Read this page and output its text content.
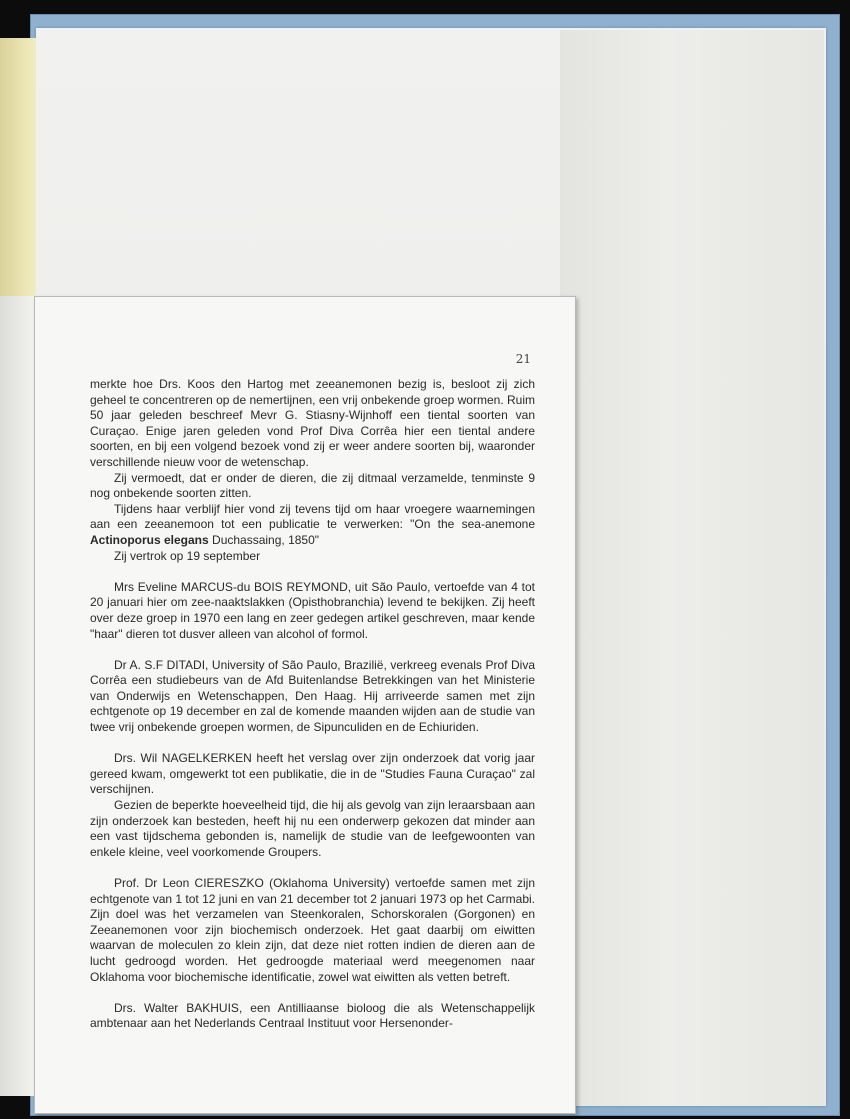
21

merkte hoe Drs. Koos den Hartog met zeeanemonen bezig is, besloot zij zich geheel te concentreren op de nemertijnen, een vrij onbekende groep wormen. Ruim 50 jaar geleden beschreef Mevr G. Stiasny-Wijnhoff een tiental soorten van Curaçao. Enige jaren geleden vond Prof Diva Corrêa hier een tiental andere soorten, en bij een volgend bezoek vond zij er weer andere soorten bij, waaronder verschillende nieuw voor de wetenschap.

Zij vermoedt, dat er onder de dieren, die zij ditmaal verzamelde, tenminste 9 nog onbekende soorten zitten.

Tijdens haar verblijf hier vond zij tevens tijd om haar vroegere waarnemingen aan een zeeanemoon tot een publicatie te verwerken: "On the sea-anemone Actinoporus elegans Duchassaing, 1850"

Zij vertrok op 19 september

Mrs Eveline MARCUS-du BOIS REYMOND, uit São Paulo, vertoefde van 4 tot 20 januari hier om zee-naaktslakken (Opisthobranchia) levend te bekijken. Zij heeft over deze groep in 1970 een lang en zeer gedegen artikel geschreven, maar kende "haar" dieren tot dusver alleen van alcohol of formol.

Dr A. S.F DITADI, University of São Paulo, Brazilië, verkreeg evenals Prof Diva Corrêa een studiebeurs van de Afd Buitenlandse Betrekkingen van het Ministerie van Onderwijs en Wetenschappen, Den Haag. Hij arriveerde samen met zijn echtgenote op 19 december en zal de komende maanden wijden aan de studie van twee vrij onbekende groepen wormen, de Sipunculiden en de Echiuriden.

Drs. Wil NAGELKERKEN heeft het verslag over zijn onderzoek dat vorig jaar gereed kwam, omgewerkt tot een publikatie, die in de "Studies Fauna Curaçao" zal verschijnen.

Gezien de beperkte hoeveelheid tijd, die hij als gevolg van zijn leraarsbaan aan zijn onderzoek kan besteden, heeft hij nu een onderwerp gekozen dat minder aan een vast tijdschema gebonden is, namelijk de studie van de leefgewoonten van enkele kleine, veel voorkomende Groupers.

Prof. Dr Leon CIERESZKO (Oklahoma University) vertoefde samen met zijn echtgenote van 1 tot 12 juni en van 21 december tot 2 januari 1973 op het Carmabi. Zijn doel was het verzamelen van Steenkoralen, Schorskoralen (Gorgonen) en Zeeanemonen voor zijn biochemisch onderzoek. Het gaat daarbij om eiwitten waarvan de moleculen zo klein zijn, dat deze niet rotten indien de dieren aan de lucht gedroogd worden. Het gedroogde materiaal werd meegenomen naar Oklahoma voor biochemische identificatie, zowel wat eiwitten als vetten betreft.

Drs. Walter BAKHUIS, een Antilliaanse bioloog die als Wetenschappelijk ambtenaar aan het Nederlands Centraal Instituut voor Hersenonder-
